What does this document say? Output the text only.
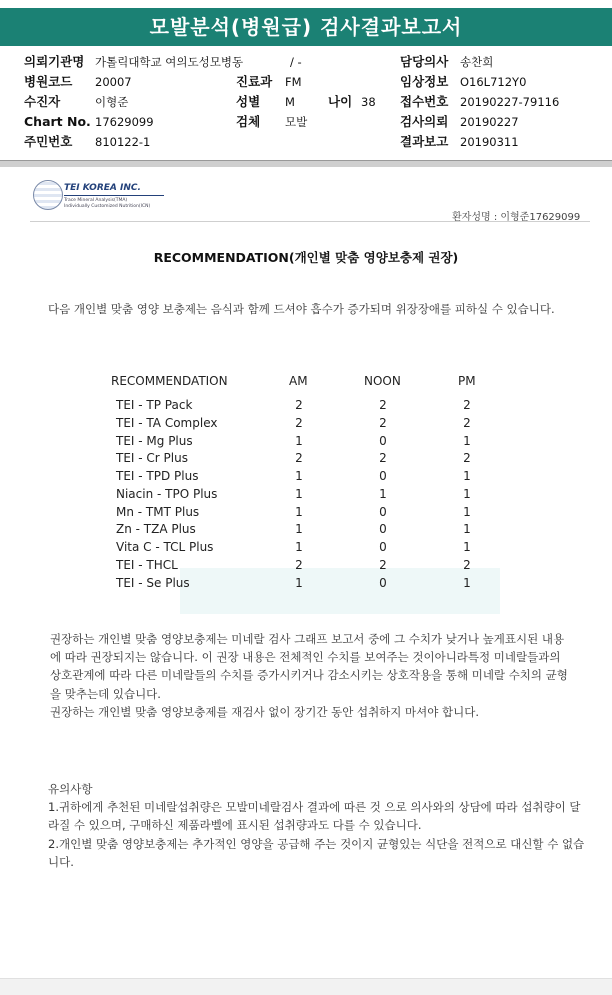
모발분석(병원급) 검사결과보고서
의뢰기관명 가톨릭대학교 여의도성모병동	/ -	담당의사 송찬희
병원코드 20007	진료과 FM	임상정보 O16L712Y0
수진자	이형준	성별 M	나이 38 접수번호 20190227-79116
Chart No. 17629099	검체 모발	검사의뢰 20190227
주민번호 810122-1	결과보고 20190311
TEI KOREA INC.
Trace Mineral Analysis(TMA)
Individually Customized Nutrition(ICN)
환자성명 : 이형준17629099
RECOMMENDATION(개인별 맞춤 영양보충제 권장)
다음 개인별 맞춤 영양 보충제는 음식과 함께 드셔야 흡수가 증가되며 위장장애를 피하실 수 있습니다.
RECOMMENDATION	AM	NOON	PM
TEI - TP Pack	2	2	2
TEI - TA Complex	2	2	2
TEI - Mg Plus	1	0	1
TEI - Cr Plus	2	2	2
TEI - TPD Plus	1	0	1
Niacin - TPO Plus	1	1	1
Mn - TMT Plus	1	0	1
Zn - TZA Plus	1	0	1
Vita C - TCL Plus	1	0	1
TEI - THCL	2	2	2
TEI - Se Plus	1	0	1

권장하는 개인별 맞춤 영양보충제는 미네랄 검사 그래프 보고서 중에 그 수치가 낮거나 높게표시된 내용에 따라 권장되지는 않습니다. 이 권장 내용은 전체적인 수치를 보여주는 것이아니라특정 미네랄들과의 상호관계에 따라 다른 미네랄들의 수치를 증가시키거나 감소시키는 상호작용을 통해 미네랄 수치의 균형을 맞추는데 있습니다.

권장하는 개인별 맞춤 영양보충제를 재검사 없이 장기간 동안 섭취하지 마셔야 합니다.

유의사항

1.귀하에게 추천된 미네랄섭취량은 모발미네랄검사 결과에 따른 것 으로 의사와의 상담에 따라 섭취량이 달라질 수 있으며, 구매하신 제품라벨에 표시된 섭취량과도 다를 수 있습니다.

2.개인별 맞춤 영양보충제는 추가적인 영양을 공급해 주는 것이지 균형있는 식단을 전적으로 대신할 수 없습니다.
